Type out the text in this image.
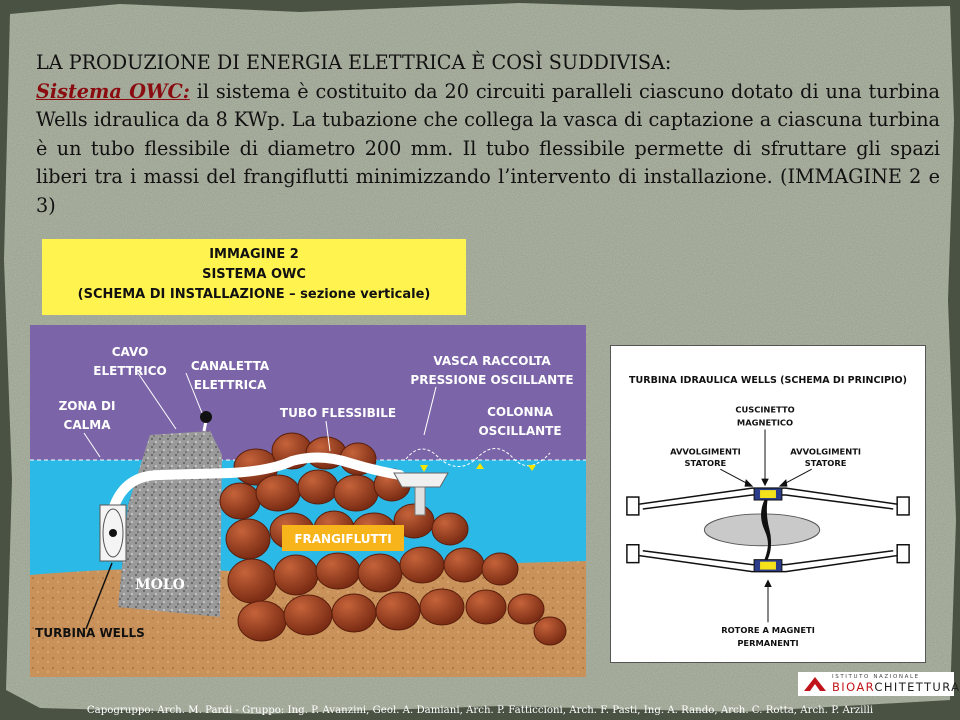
LA PRODUZIONE DI ENERGIA ELETTRICA È COSÌ SUDDIVISA:
Sistema OWC: il sistema è costituito da 20 circuiti paralleli ciascuno dotato di una turbina Wells idraulica da 8 KWp. La tubazione che collega la vasca di captazione a ciascuna turbina è un tubo flessibile di diametro 200 mm. Il tubo flessibile permette di sfruttare gli spazi liberi tra i massi del frangiflutti minimizzando l’intervento di installazione. (IMMAGINE 2 e 3)
IMMAGINE 2
SISTEMA OWC
(SCHEMA DI INSTALLAZIONE – sezione verticale)
CAVO
ELETTRICO CANALETTA
ELETTRICA
VASCA RACCOLTA
PRESSIONE OSCILLANTE
ZONA DI
CALMA
TUBO FLESSIBILE	COLONNA
OSCILLANTE
FRANGIFLUTTI
MOLO
TURBINA WELLS
TURBINA IDRAULICA WELLS (SCHEMA DI PRINCIPIO)
CUSCINETTO
MAGNETICO
AVVOLGIMENTI
STATORE
AVVOLGIMENTI
STATORE
ROTORE A MAGNETI
PERMANENTI
ISTITUTO NAZIONALE
BIOARCHITETTURA
Capogruppo: Arch. M. Pardi - Gruppo: Ing. P. Avanzini, Geol. A. Damiani, Arch. P. Fatticcioni, Arch. F. Pasti, Ing. A. Rando, Arch. C. Rotta, Arch. P. Arzilli
